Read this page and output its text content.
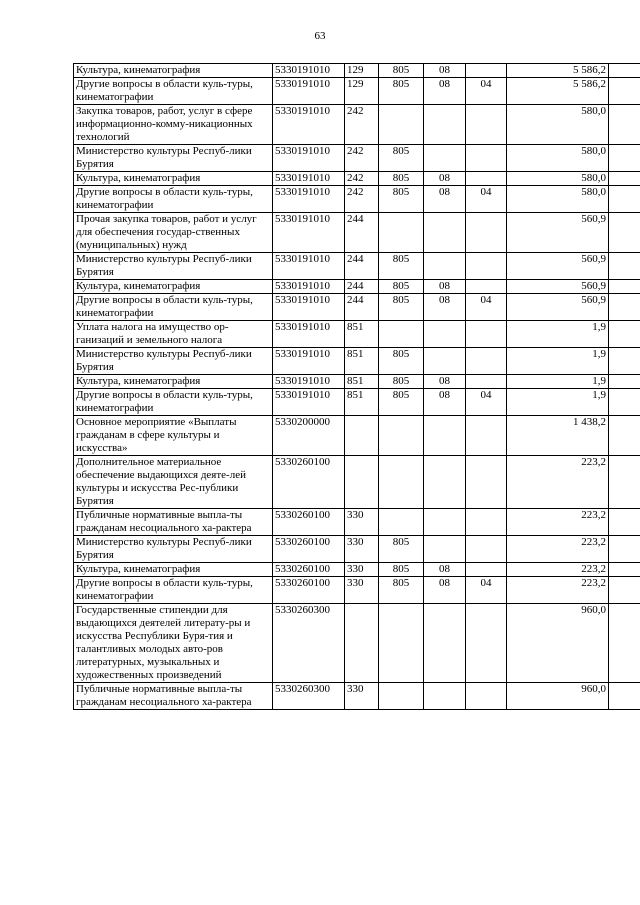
63
Культура, кинематография	5330191010	129	805	08		5 586,2	
Другие вопросы в области куль-туры, кинематографии	5330191010	129	805	08	04	5 586,2	
Закупка товаров, работ, услуг в сфере информационно-комму-никационных технологий	5330191010	242				580,0	
Министерство культуры Респуб-лики Бурятия	5330191010	242	805			580,0	
Культура, кинематография	5330191010	242	805	08		580,0	
Другие вопросы в области куль-туры, кинематографии	5330191010	242	805	08	04	580,0	
Прочая закупка товаров, работ и услуг для обеспечения государ-ственных (муниципальных) нужд	5330191010	244				560,9	
Министерство культуры Респуб-лики Бурятия	5330191010	244	805			560,9	
Культура, кинематография	5330191010	244	805	08		560,9	
Другие вопросы в области куль-туры, кинематографии	5330191010	244	805	08	04	560,9	
Уплата налога на имущество ор-ганизаций и земельного налога	5330191010	851				1,9	
Министерство культуры Респуб-лики Бурятия	5330191010	851	805			1,9	
Культура, кинематография	5330191010	851	805	08		1,9	
Другие вопросы в области куль-туры, кинематографии	5330191010	851	805	08	04	1,9	
Основное мероприятие «Выплаты гражданам в сфере культуры и искусства»	5330200000					1 438,2	
Дополнительное материальное обеспечение выдающихся деяте-лей культуры и искусства Рес-публики Бурятия	5330260100					223,2	
Публичные нормативные выпла-ты гражданам несоциального ха-рактера	5330260100	330				223,2	
Министерство культуры Респуб-лики Бурятия	5330260100	330	805			223,2	
Культура, кинематография	5330260100	330	805	08		223,2	
Другие вопросы в области куль-туры, кинематографии	5330260100	330	805	08	04	223,2	
Государственные стипендии для выдающихся деятелей литерату-ры и искусства Республики Буря-тия и талантливых молодых авто-ров литературных, музыкальных и художественных произведений	5330260300					960,0	
Публичные нормативные выпла-ты гражданам несоциального ха-рактера	5330260300	330				960,0	
